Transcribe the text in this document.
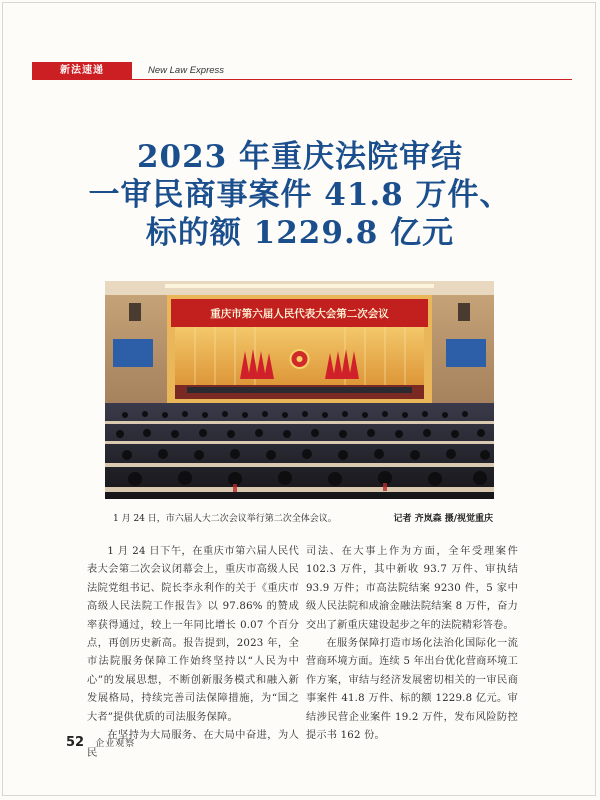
新法速递	New Law Express
2023 年重庆法院审结
一审民商事案件 41.8 万件、
标的额 1229.8 亿元
重庆市第六届人民代表大会第二次会议
1 月 24 日，市六届人大二次会议举行第二次全体会议。	记者 齐岚森 摄/视觉重庆

1 月 24 日下午，在重庆市第六届人民代表大会第二次会议闭幕会上，重庆市高级人民法院党组书记、院长李永利作的关于《重庆市高级人民法院工作报告》以 97.86% 的赞成率获得通过，较上一年同比增长 0.07 个百分点，再创历史新高。报告提到，2023 年，全市法院服务保障工作始终坚持以“人民为中心”的发展思想，不断创新服务模式和融入新发展格局，持续完善司法保障措施，为“国之大者”提供优质的司法服务保障。

在坚持为大局服务、在大局中奋进，为人民

司法、在大事上作为方面，全年受理案件 102.3 万件，其中新收 93.7 万件、审执结 93.9 万件；市高法院结案 9230 件，5 家中级人民法院和成渝金融法院结案 8 万件，奋力交出了新重庆建设起步之年的法院精彩答卷。

在服务保障打造市场化法治化国际化一流营商环境方面。连续 5 年出台优化营商环境工作方案，审结与经济发展密切相关的一审民商事案件 41.8 万件、标的额 1229.8 亿元。审结涉民营企业案件 19.2 万件，发布风险防控提示书 162 份。

52 企业观察
